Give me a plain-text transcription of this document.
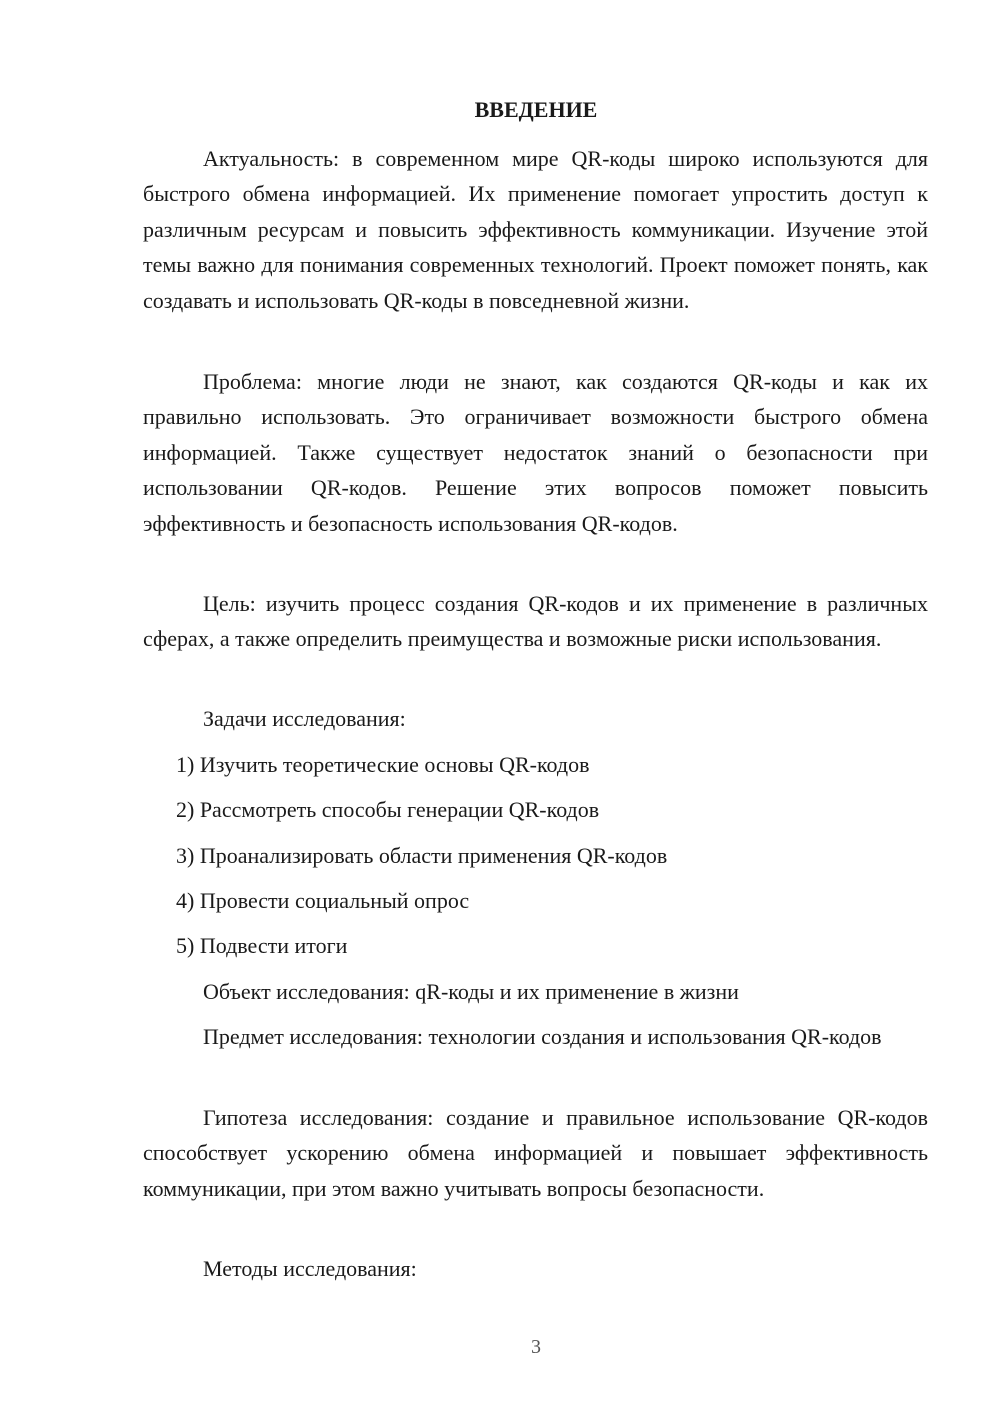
ВВЕДЕНИЕ

Актуальность: в современном мире QR-коды широко используются для быстрого обмена информацией. Их применение помогает упростить доступ к различным ресурсам и повысить эффективность коммуникации. Изучение этой темы важно для понимания современных технологий. Проект поможет понять, как создавать и использовать QR-коды в повседневной жизни.

Проблема: многие люди не знают, как создаются QR-коды и как их правильно использовать. Это ограничивает возможности быстрого обмена информацией. Также существует недостаток знаний о безопасности при использовании QR-кодов. Решение этих вопросов поможет повысить эффективность и безопасность использования QR-кодов.

Цель: изучить процесс создания QR-кодов и их применение в различных сферах, а также определить преимущества и возможные риски использования.

Задачи исследования:

1) Изучить теоретические основы QR-кодов

2) Рассмотреть способы генерации QR-кодов

3) Проанализировать области применения QR-кодов

4) Провести социальный опрос

5) Подвести итоги

Объект исследования: qR-коды и их применение в жизни

Предмет исследования: технологии создания и использования QR-кодов

Гипотеза исследования: создание и правильное использование QR-кодов способствует ускорению обмена информацией и повышает эффективность коммуникации, при этом важно учитывать вопросы безопасности.

Методы исследования:

3
